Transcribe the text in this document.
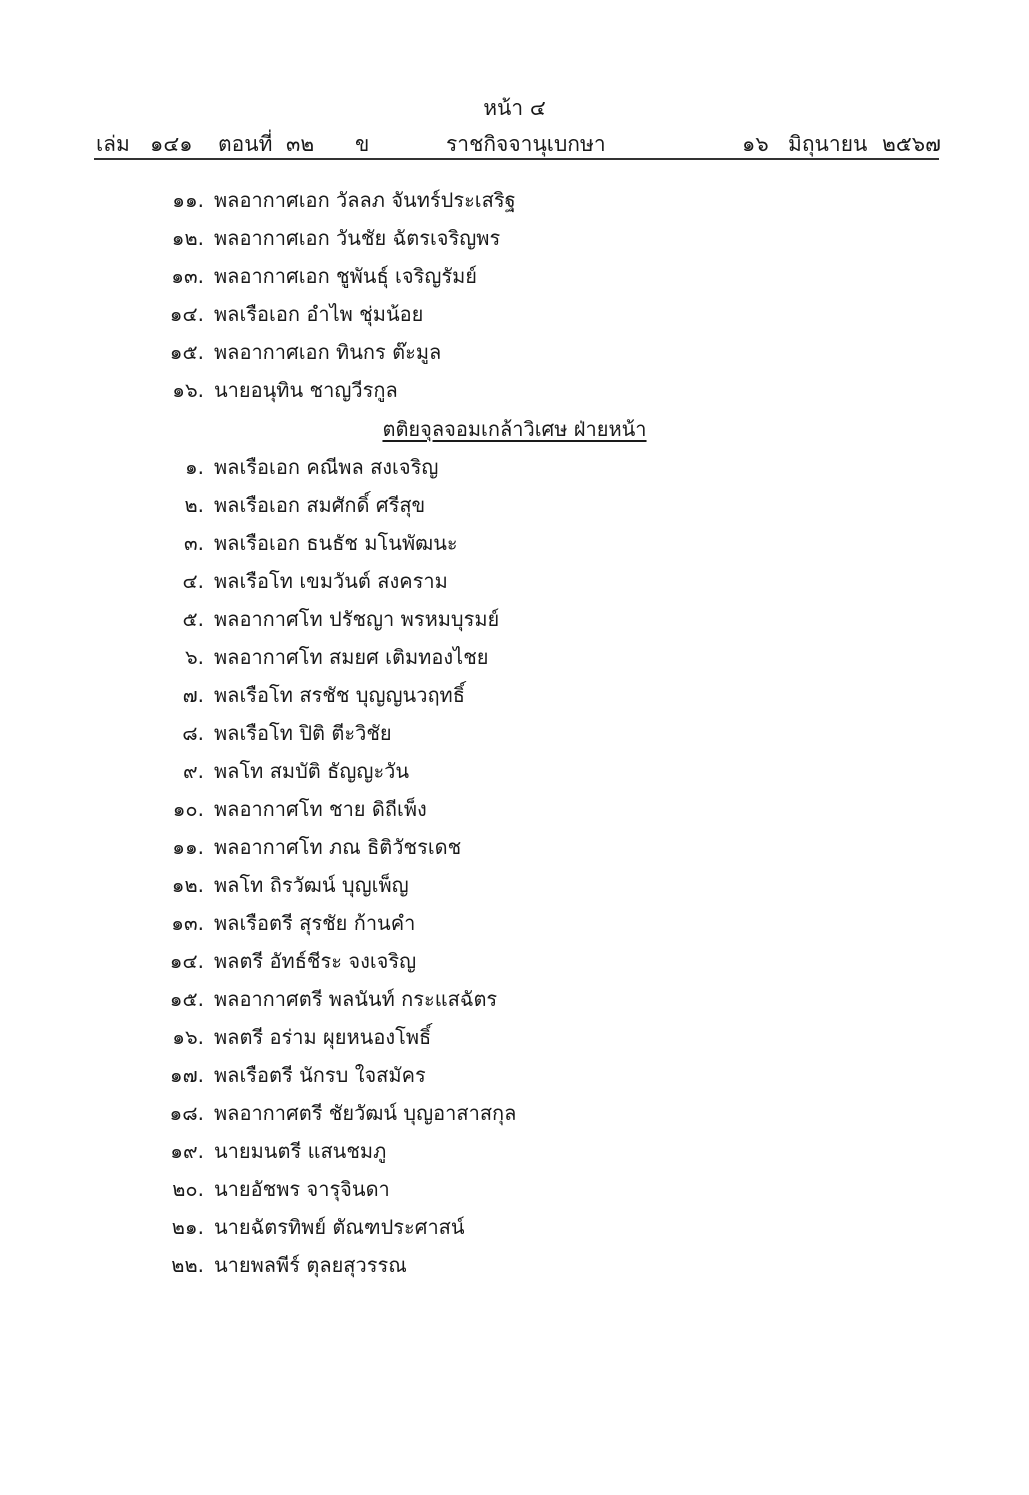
หน้า ๔
เล่ม ๑๔๑ ตอนที่ ๓๒ ข	ราชกิจจานุเบกษา	๑๖ มิถุนายน ๒๕๖๗
๑๑. พลอากาศเอก วัลลภ จันทร์ประเสริฐ
๑๒. พลอากาศเอก วันชัย ฉัตรเจริญพร
๑๓. พลอากาศเอก ชูพันธุ์ เจริญรัมย์
๑๔. พลเรือเอก อำไพ ชุ่มน้อย
๑๕. พลอากาศเอก ทินกร ต๊ะมูล
๑๖. นายอนุทิน ชาญวีรกูล
ตติยจุลจอมเกล้าวิเศษ ฝ่ายหน้า
๑. พลเรือเอก คณีพล สงเจริญ
๒. พลเรือเอก สมศักดิ์ ศรีสุข
๓. พลเรือเอก ธนธัช มโนพัฒนะ
๔. พลเรือโท เขมวันต์ สงคราม
๕. พลอากาศโท ปรัชญา พรหมบุรมย์
๖. พลอากาศโท สมยศ เติมทองไชย
๗. พลเรือโท สรชัช บุญญนวฤทธิ์
๘. พลเรือโท ปิติ ตีะวิชัย
๙. พลโท สมบัติ ธัญญะวัน
๑๐. พลอากาศโท ชาย ดิถีเพ็ง
๑๑. พลอากาศโท ภณ ธิติวัชรเดช
๑๒. พลโท ถิรวัฒน์ บุญเพ็ญ
๑๓. พลเรือตรี สุรชัย ก้านคำ
๑๔. พลตรี อัทธ์ชีระ จงเจริญ
๑๕. พลอากาศตรี พลนันท์ กระแสฉัตร
๑๖. พลตรี อร่าม ผุยหนองโพธิ์
๑๗. พลเรือตรี นักรบ ใจสมัคร
๑๘. พลอากาศตรี ชัยวัฒน์ บุญอาสาสกุล
๑๙. นายมนตรี แสนชมภู
๒๐. นายอัชพร จารุจินดา
๒๑. นายฉัตรทิพย์ ตัณฑประศาสน์
๒๒. นายพลพีร์ ตุลยสุวรรณ
